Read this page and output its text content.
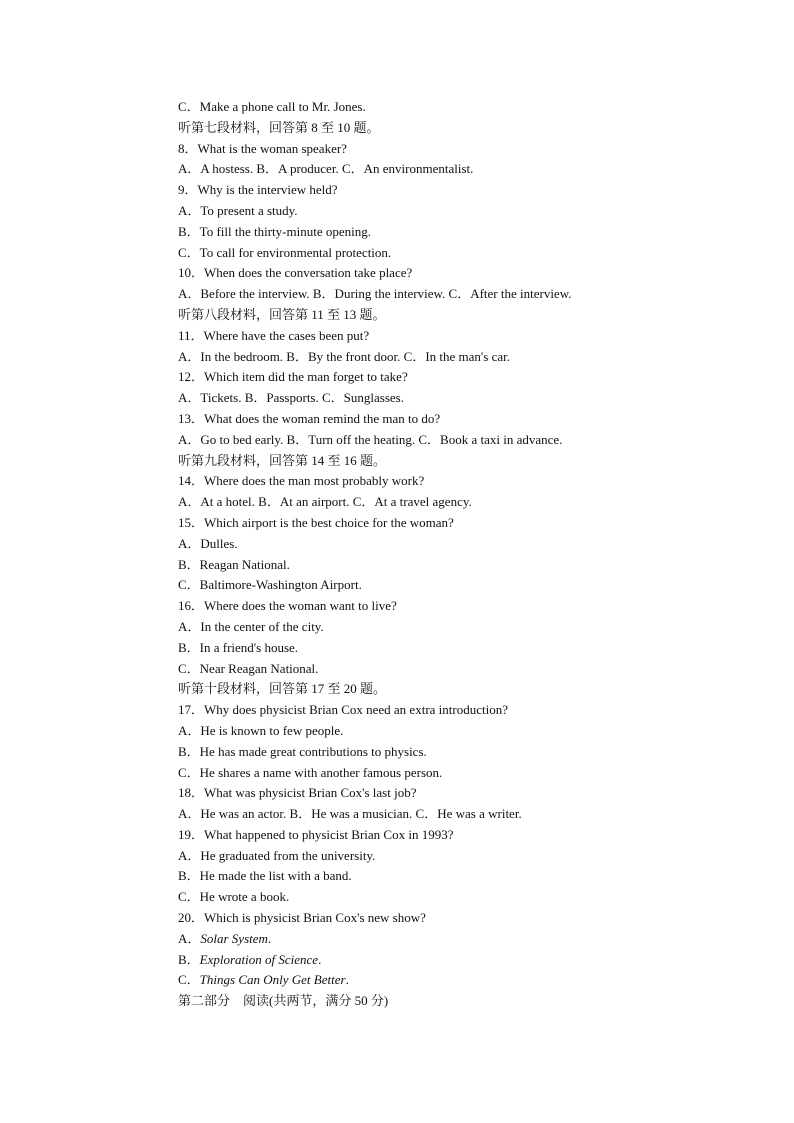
C．Make a phone call to Mr. Jones.
听第七段材料，回答第 8 至 10 题。
8．What is the woman speaker?
A．A hostess. B．A producer. C．An environmentalist.
9．Why is the interview held?
A．To present a study.
B．To fill the thirty-minute opening.
C．To call for environmental protection.
10．When does the conversation take place?
A．Before the interview. B．During the interview. C．After the interview.
听第八段材料，回答第 11 至 13 题。
11．Where have the cases been put?
A．In the bedroom. B．By the front door. C．In the man's car.
12．Which item did the man forget to take?
A．Tickets. B．Passports. C．Sunglasses.
13．What does the woman remind the man to do?
A．Go to bed early. B．Turn off the heating. C．Book a taxi in advance.
听第九段材料，回答第 14 至 16 题。
14．Where does the man most probably work?
A．At a hotel. B．At an airport. C．At a travel agency.
15．Which airport is the best choice for the woman?
A．Dulles.
B．Reagan National.
C．Baltimore-Washington Airport.
16．Where does the woman want to live?
A．In the center of the city.
B．In a friend's house.
C．Near Reagan National.
听第十段材料，回答第 17 至 20 题。
17．Why does physicist Brian Cox need an extra introduction?
A．He is known to few people.
B．He has made great contributions to physics.
C．He shares a name with another famous person.
18．What was physicist Brian Cox's last job?
A．He was an actor. B．He was a musician. C．He was a writer.
19．What happened to physicist Brian Cox in 1993?
A．He graduated from the university.
B．He made the list with a band.
C．He wrote a book.
20．Which is physicist Brian Cox's new show?
A．Solar System.
B．Exploration of Science.
C．Things Can Only Get Better.
第二部分　阅读(共两节，满分 50 分)
